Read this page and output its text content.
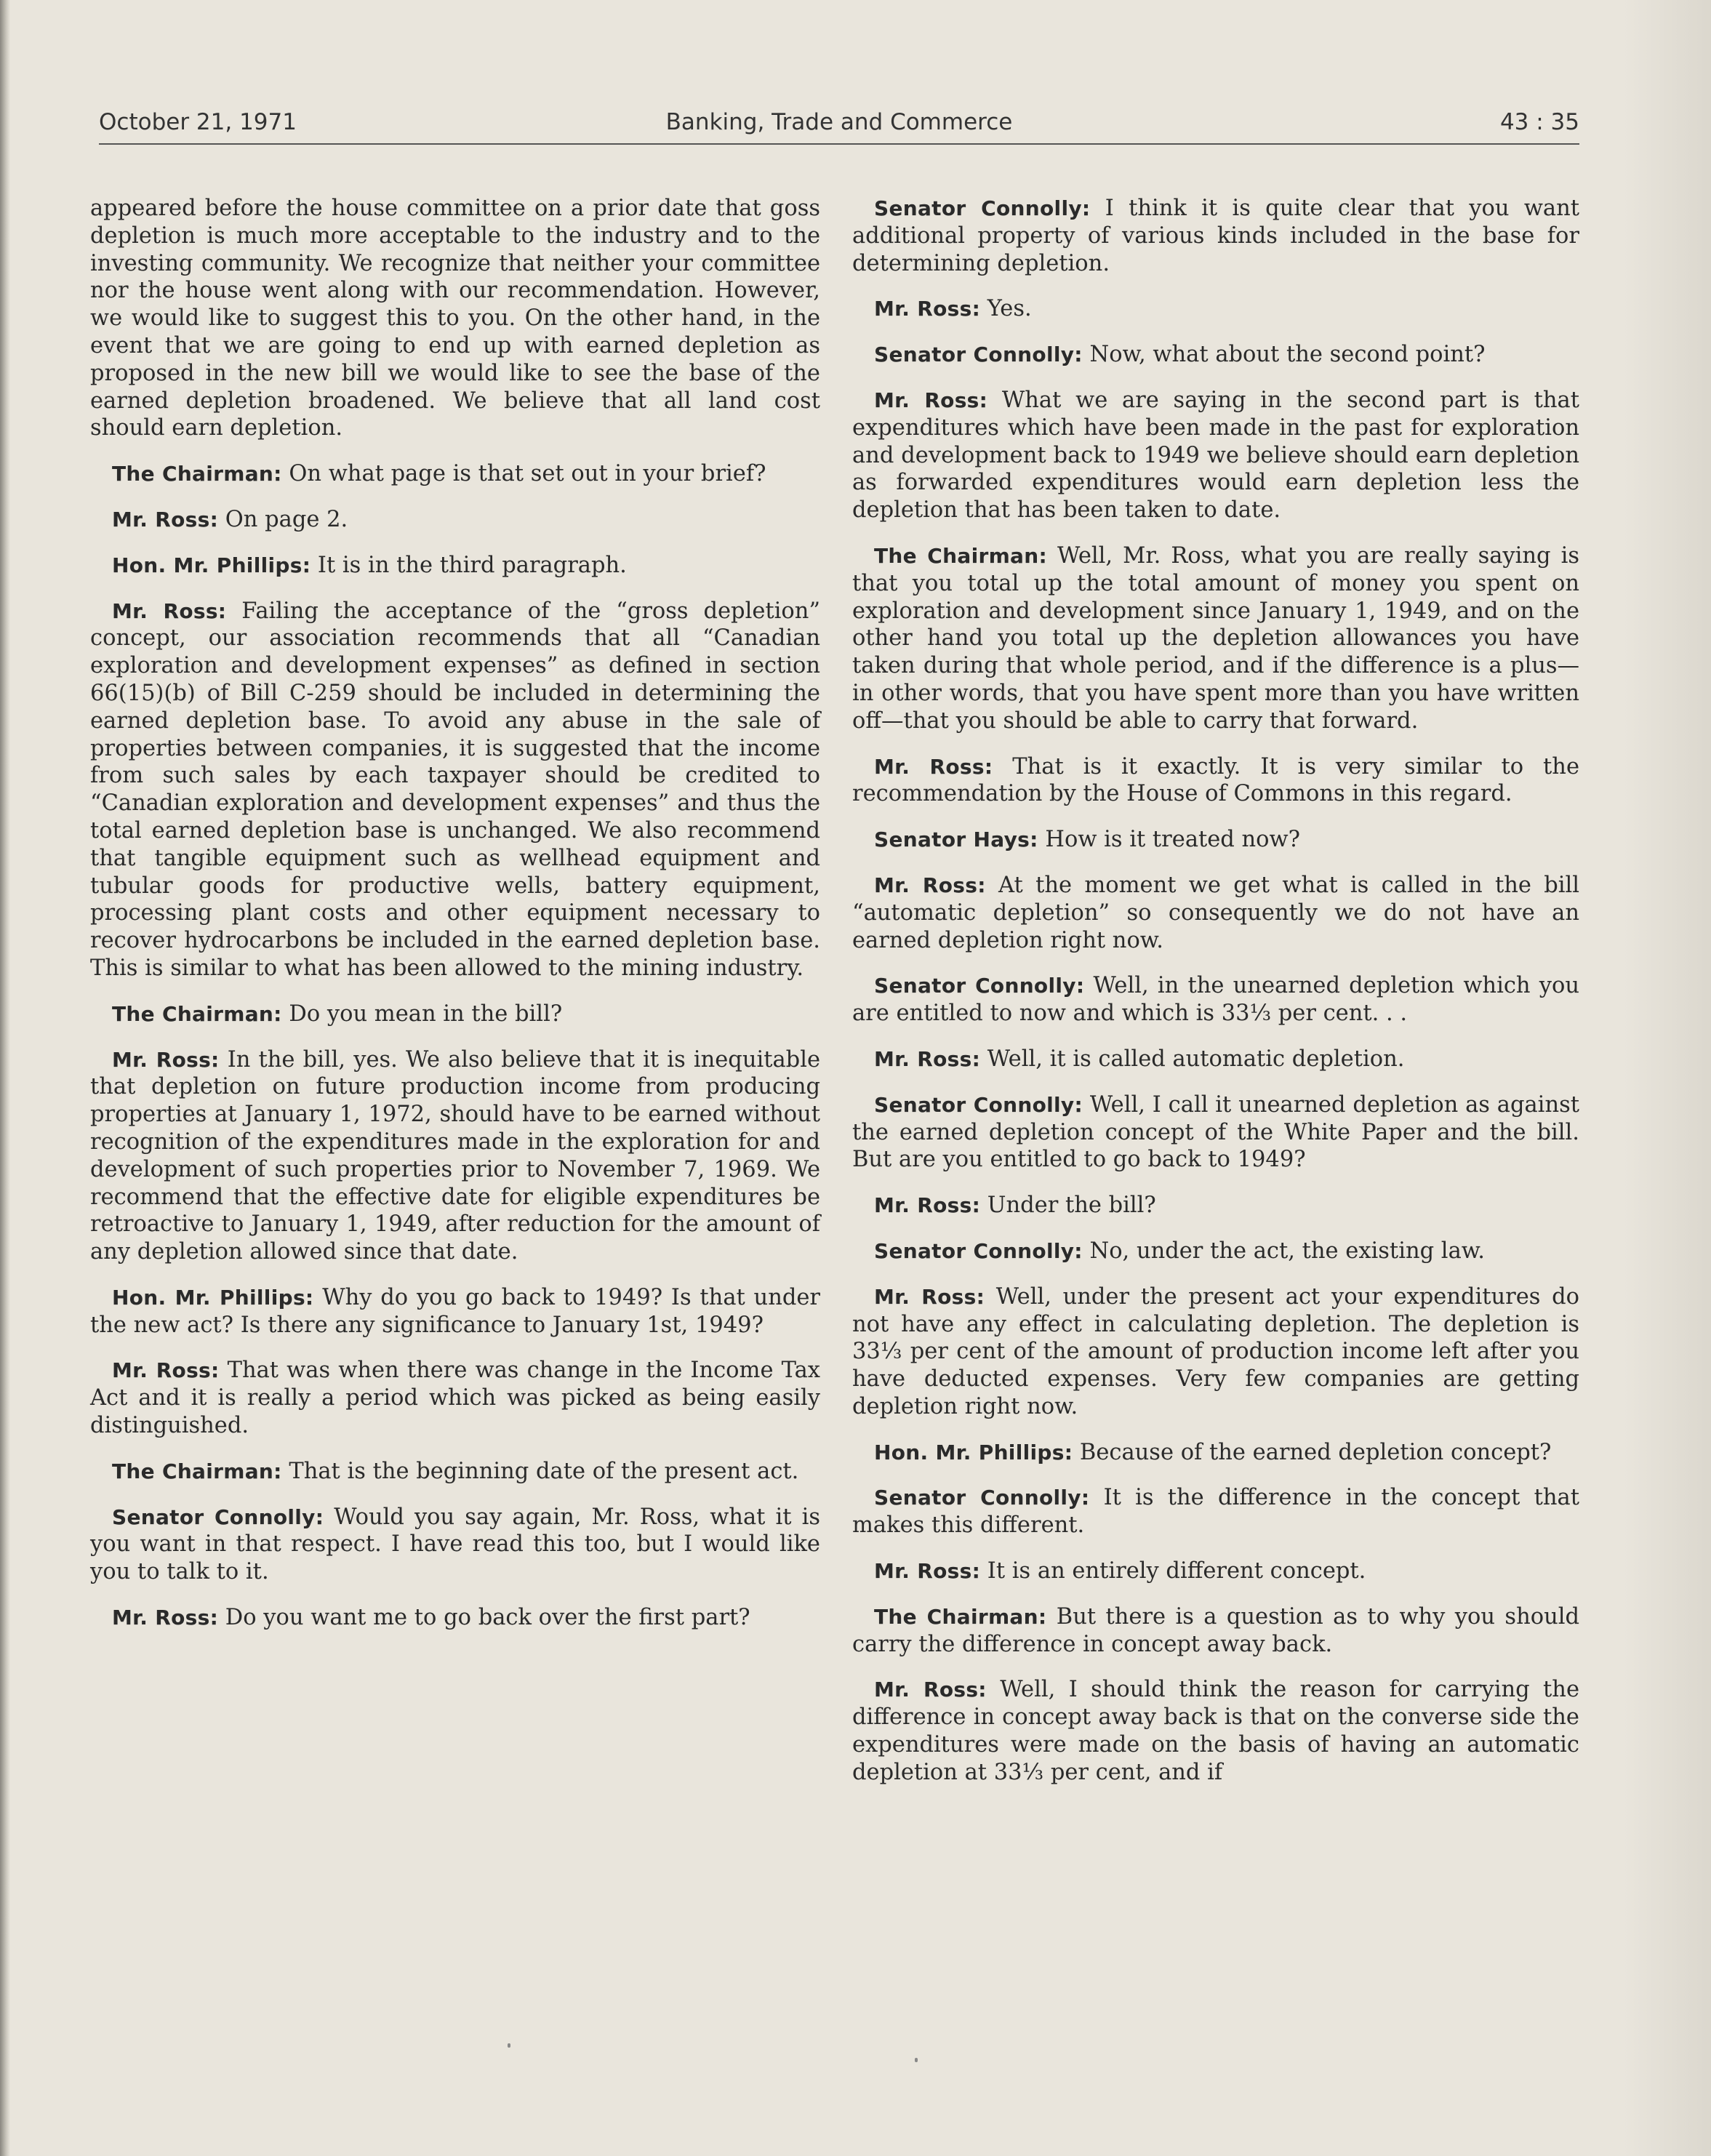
October 21, 1971	Banking, Trade and Commerce	43 : 35

appeared before the house committee on a prior date that goss depletion is much more acceptable to the industry and to the investing community. We recognize that neither your committee nor the house went along with our recommendation. However, we would like to suggest this to you. On the other hand, in the event that we are going to end up with earned depletion as proposed in the new bill we would like to see the base of the earned depletion broadened. We believe that all land cost should earn depletion.

The Chairman: On what page is that set out in your brief?

Mr. Ross: On page 2.

Hon. Mr. Phillips: It is in the third paragraph.

Mr. Ross: Failing the acceptance of the “gross depletion” concept, our association recommends that all “Canadian exploration and development expenses” as defined in section 66(15)(b) of Bill C-259 should be included in determining the earned depletion base. To avoid any abuse in the sale of properties between companies, it is suggested that the income from such sales by each taxpayer should be credited to “Canadian exploration and development expenses” and thus the total earned depletion base is unchanged. We also recommend that tangible equipment such as wellhead equipment and tubular goods for productive wells, battery equipment, processing plant costs and other equipment necessary to recover hydrocarbons be included in the earned depletion base. This is similar to what has been allowed to the mining industry.

The Chairman: Do you mean in the bill?

Mr. Ross: In the bill, yes. We also believe that it is inequitable that depletion on future production income from producing properties at January 1, 1972, should have to be earned without recognition of the expenditures made in the exploration for and development of such properties prior to November 7, 1969. We recommend that the effective date for eligible expenditures be retroactive to January 1, 1949, after reduction for the amount of any depletion allowed since that date.

Hon. Mr. Phillips: Why do you go back to 1949? Is that under the new act? Is there any significance to January 1st, 1949?

Mr. Ross: That was when there was change in the Income Tax Act and it is really a period which was picked as being easily distinguished.

The Chairman: That is the beginning date of the present act.

Senator Connolly: Would you say again, Mr. Ross, what it is you want in that respect. I have read this too, but I would like you to talk to it.

Mr. Ross: Do you want me to go back over the first part?

Senator Connolly: I think it is quite clear that you want additional property of various kinds included in the base for determining depletion.

Mr. Ross: Yes.

Senator Connolly: Now, what about the second point?

Mr. Ross: What we are saying in the second part is that expenditures which have been made in the past for exploration and development back to 1949 we believe should earn depletion as forwarded expenditures would earn depletion less the depletion that has been taken to date.

The Chairman: Well, Mr. Ross, what you are really saying is that you total up the total amount of money you spent on exploration and development since January 1, 1949, and on the other hand you total up the depletion allowances you have taken during that whole period, and if the difference is a plus—in other words, that you have spent more than you have written off—that you should be able to carry that forward.

Mr. Ross: That is it exactly. It is very similar to the recommendation by the House of Commons in this regard.

Senator Hays: How is it treated now?

Mr. Ross: At the moment we get what is called in the bill “automatic depletion” so consequently we do not have an earned depletion right now.

Senator Connolly: Well, in the unearned depletion which you are entitled to now and which is 33⅓ per cent. . .

Mr. Ross: Well, it is called automatic depletion.

Senator Connolly: Well, I call it unearned depletion as against the earned depletion concept of the White Paper and the bill. But are you entitled to go back to 1949?

Mr. Ross: Under the bill?

Senator Connolly: No, under the act, the existing law.

Mr. Ross: Well, under the present act your expenditures do not have any effect in calculating depletion. The depletion is 33⅓ per cent of the amount of production income left after you have deducted expenses. Very few companies are getting depletion right now.

Hon. Mr. Phillips: Because of the earned depletion concept?

Senator Connolly: It is the difference in the concept that makes this different.

Mr. Ross: It is an entirely different concept.

The Chairman: But there is a question as to why you should carry the difference in concept away back.

Mr. Ross: Well, I should think the reason for carrying the difference in concept away back is that on the converse side the expenditures were made on the basis of having an automatic depletion at 33⅓ per cent, and if
